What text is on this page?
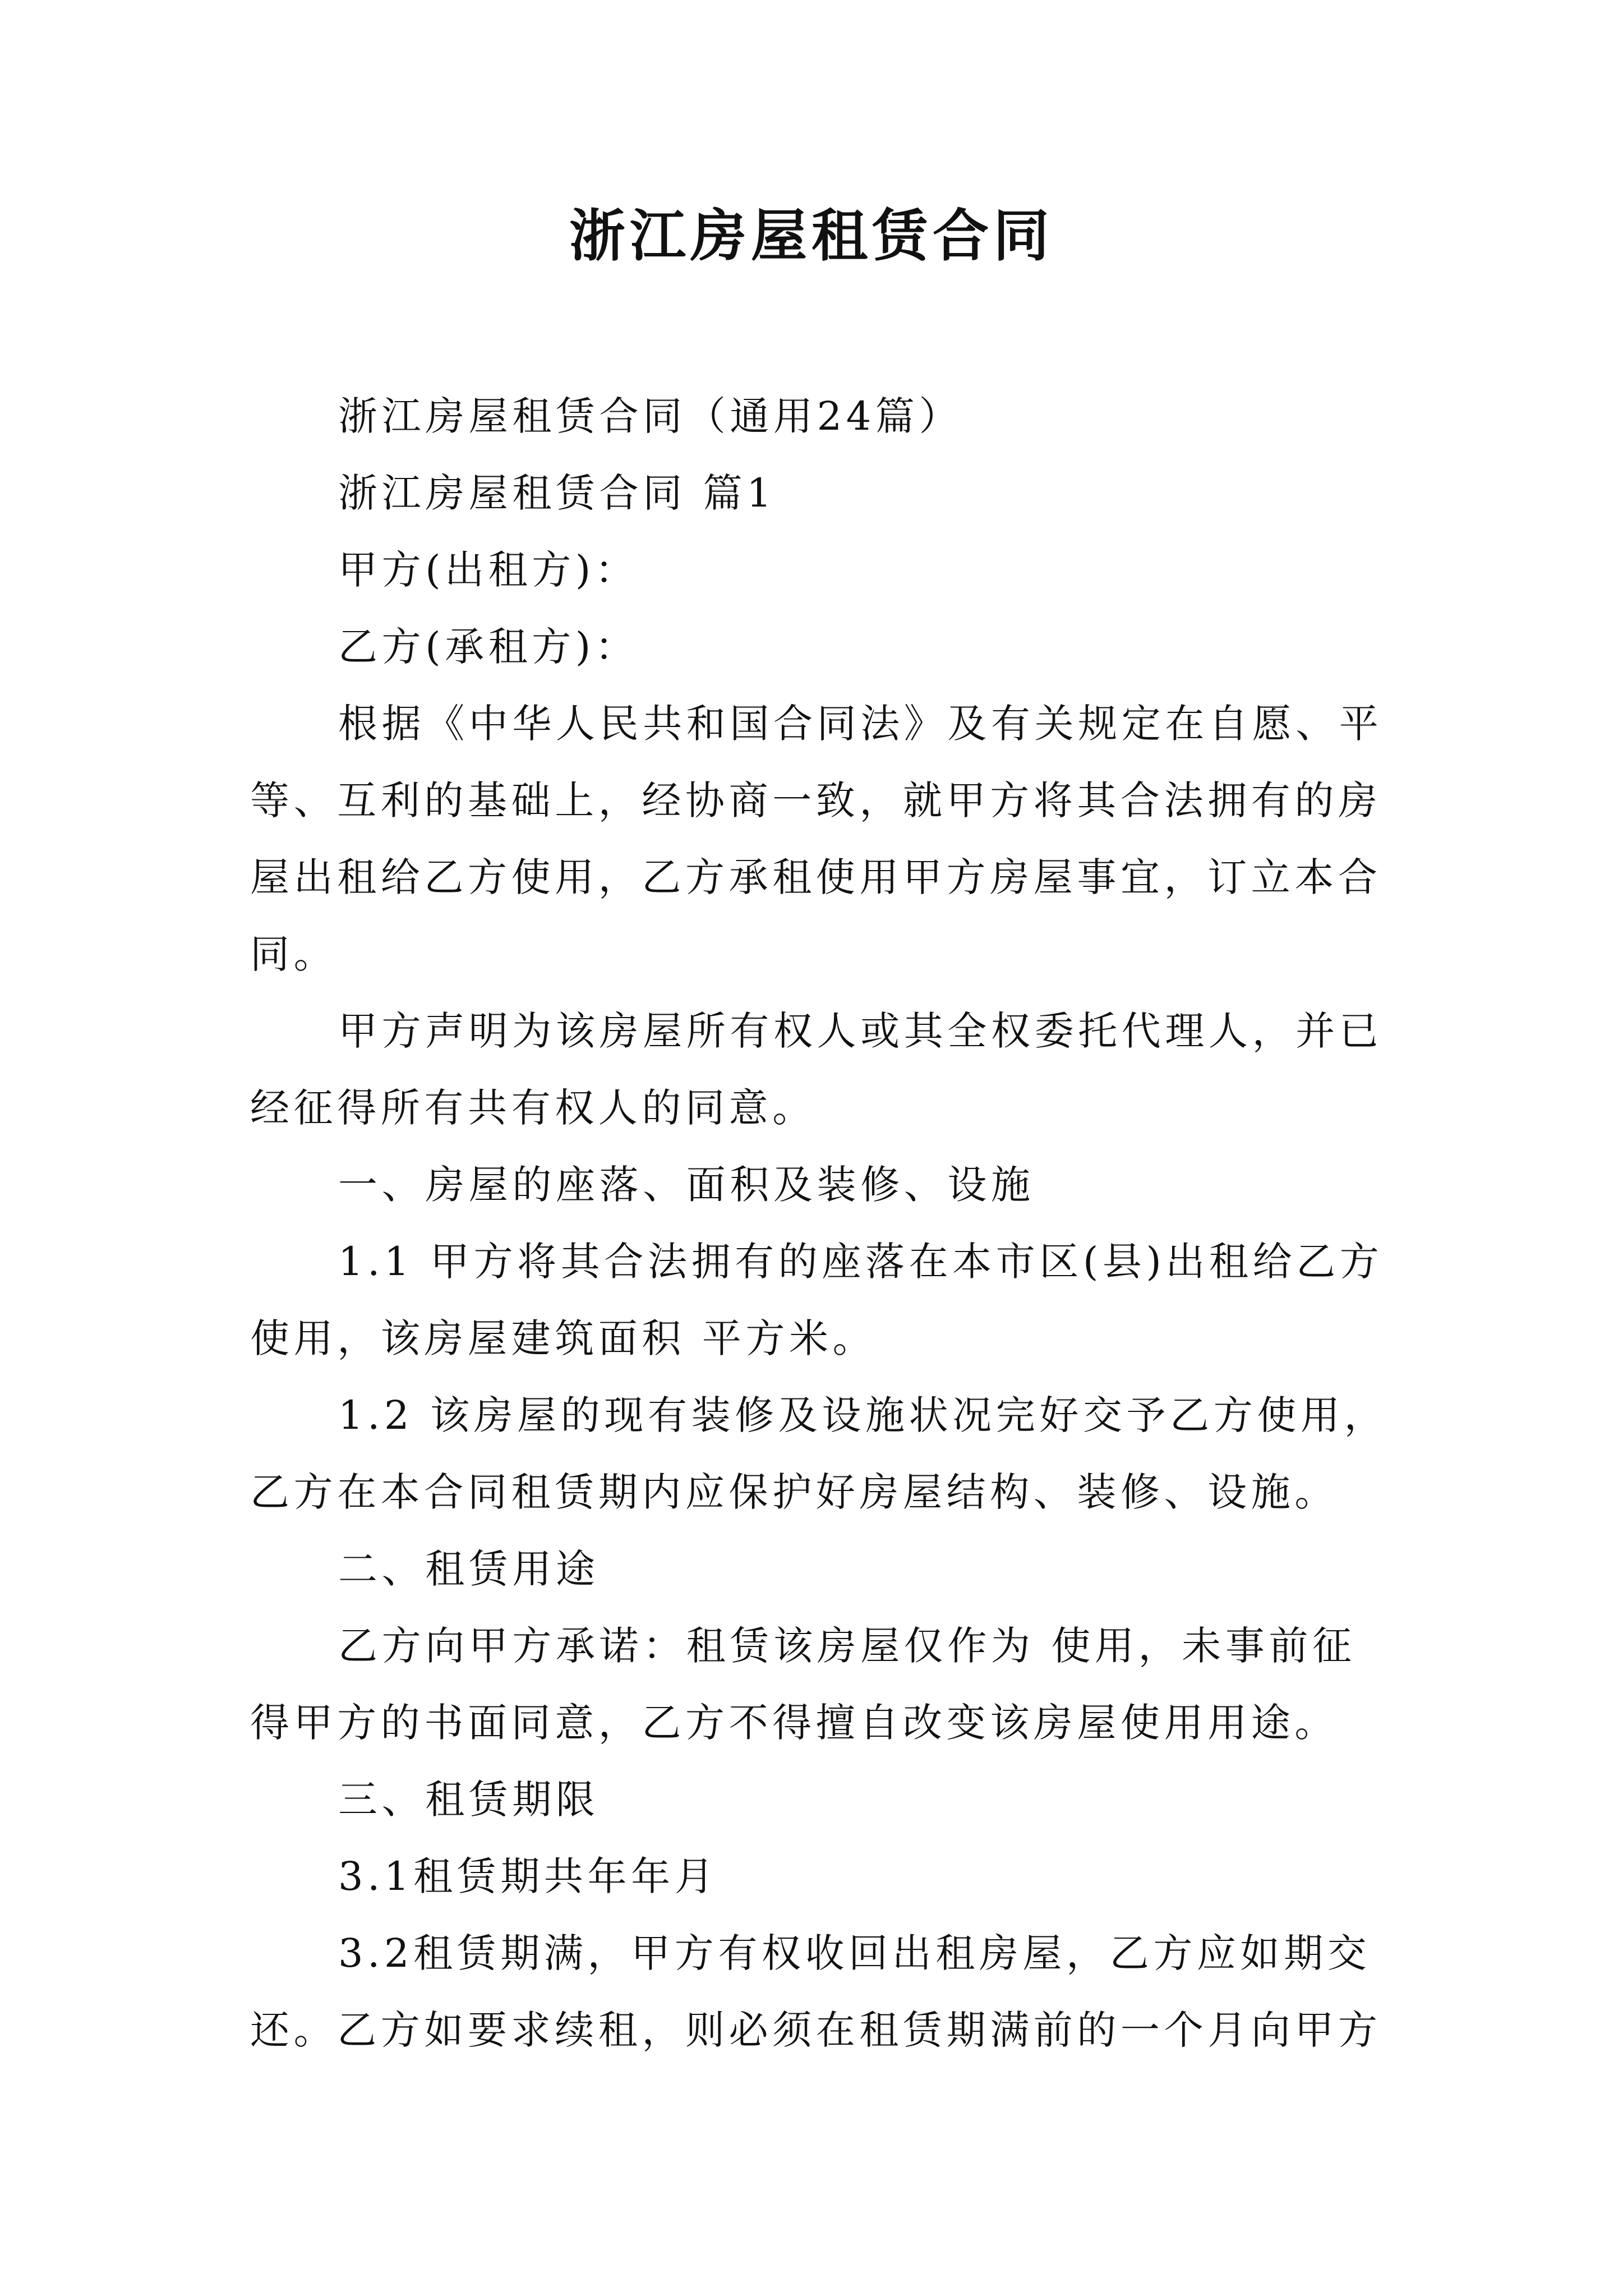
浙江房屋租赁合同
浙江房屋租赁合同（通用24篇）
浙江房屋租赁合同 篇1
甲方(出租方)：
乙方(承租方)：
根据《中华人民共和国合同法》及有关规定在自愿、平
等、互利的基础上，经协商一致，就甲方将其合法拥有的房
屋出租给乙方使用，乙方承租使用甲方房屋事宜，订立本合
同。
甲方声明为该房屋所有权人或其全权委托代理人，并已
经征得所有共有权人的同意。
一、房屋的座落、面积及装修、设施
1.1 甲方将其合法拥有的座落在本市区(县)出租给乙方
使用，该房屋建筑面积 平方米。
1.2 该房屋的现有装修及设施状况完好交予乙方使用，
乙方在本合同租赁期内应保护好房屋结构、装修、设施。
二、租赁用途
乙方向甲方承诺：租赁该房屋仅作为 使用，未事前征
得甲方的书面同意，乙方不得擅自改变该房屋使用用途。
三、租赁期限
3.1租赁期共年年月
3.2租赁期满，甲方有权收回出租房屋，乙方应如期交
还。乙方如要求续租，则必须在租赁期满前的一个月向甲方
